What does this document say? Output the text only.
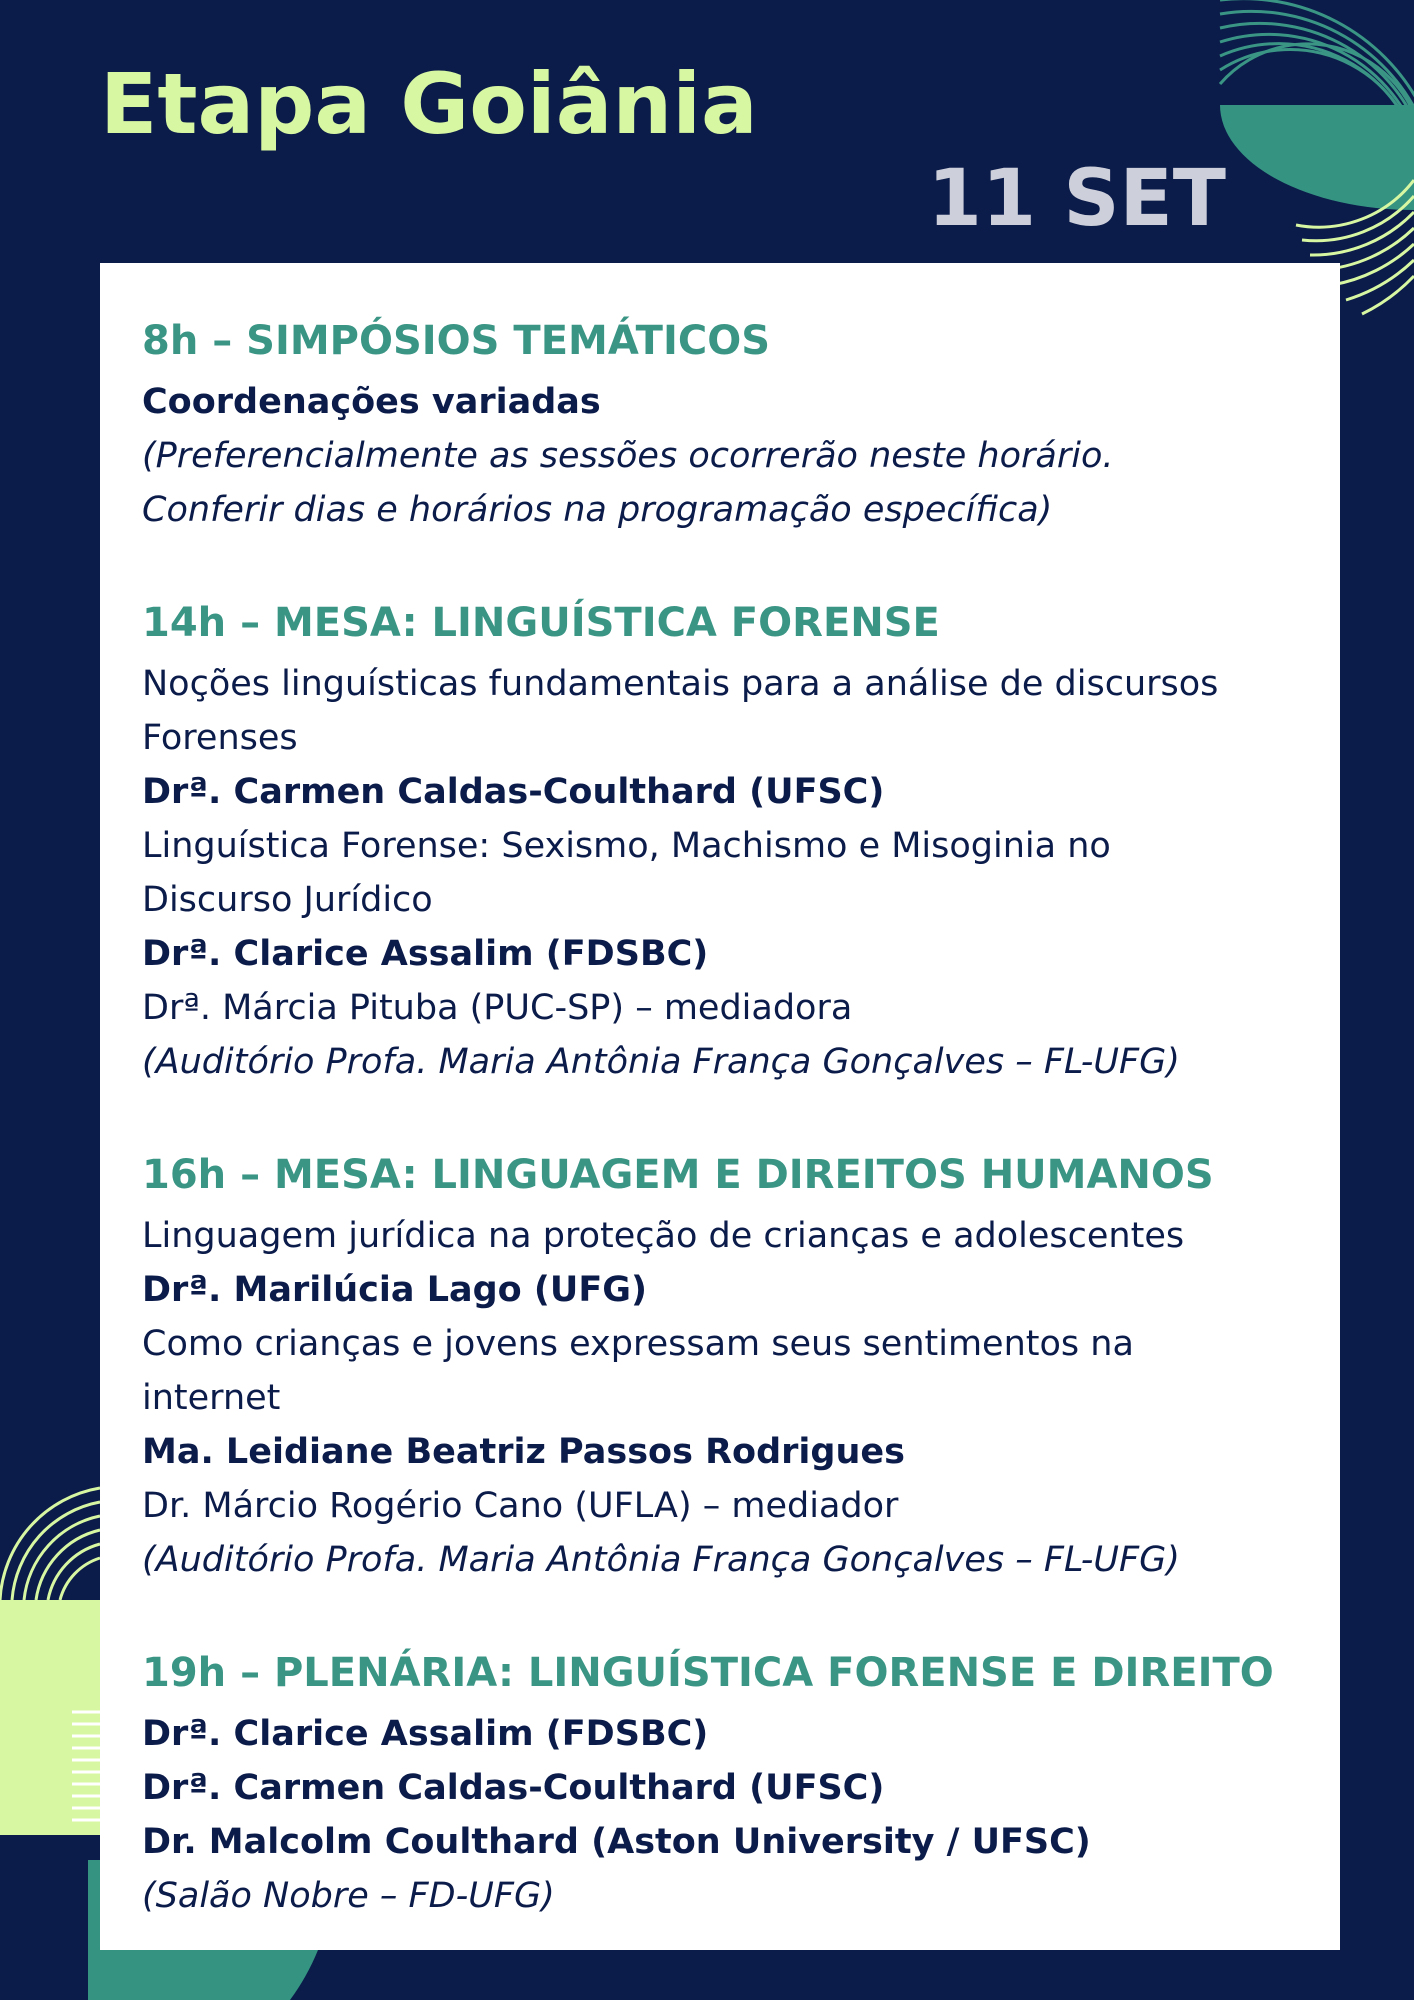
Etapa Goiânia
11 SET
8h – SIMPÓSIOS TEMÁTICOS

Coordenações variadas

(Preferencialmente as sessões ocorrerão neste horário.

Conferir dias e horários na programação específica)

14h – MESA: LINGUÍSTICA FORENSE

Noções linguísticas fundamentais para a análise de discursos

Forenses

Drª. Carmen Caldas-Coulthard (UFSC)

Linguística Forense: Sexismo, Machismo e Misoginia no

Discurso Jurídico

Drª. Clarice Assalim (FDSBC)

Drª. Márcia Pituba (PUC-SP) – mediadora

(Auditório Profa. Maria Antônia França Gonçalves – FL-UFG)

16h – MESA: LINGUAGEM E DIREITOS HUMANOS

Linguagem jurídica na proteção de crianças e adolescentes

Drª. Marilúcia Lago (UFG)

Como crianças e jovens expressam seus sentimentos na

internet

Ma. Leidiane Beatriz Passos Rodrigues

Dr. Márcio Rogério Cano (UFLA) – mediador

(Auditório Profa. Maria Antônia França Gonçalves – FL-UFG)

19h – PLENÁRIA: LINGUÍSTICA FORENSE E DIREITO

Drª. Clarice Assalim (FDSBC)

Drª. Carmen Caldas-Coulthard (UFSC)

Dr. Malcolm Coulthard (Aston University / UFSC)

(Salão Nobre – FD-UFG)
